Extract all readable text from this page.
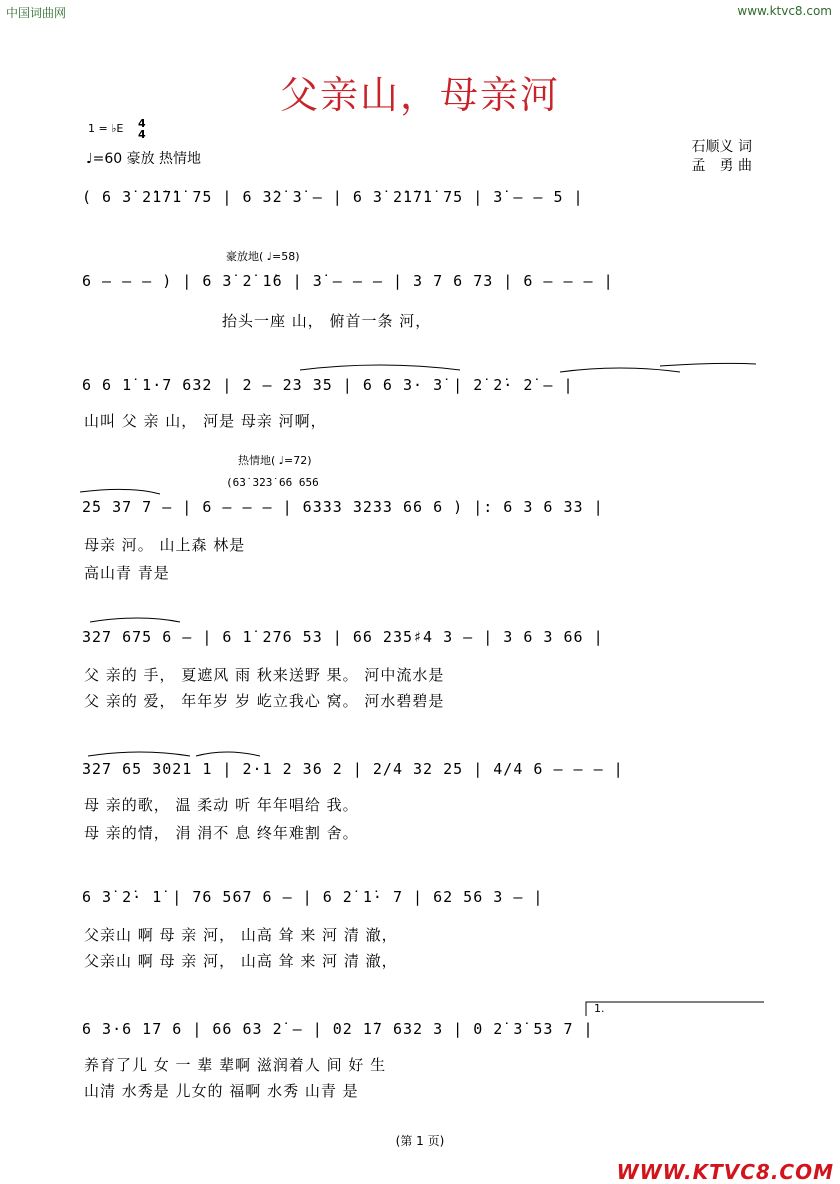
中国词曲网	www.ktvc8.com
父亲山，母亲河
1 = ♭E 4
4
♩=60 豪放 热情地
石顺义 词
孟　勇 曲
豪放地( ♩=58)
热情地( ♩=72)
(6̇3̇ 3̇2̇3̇ 6̇6 656
1.
( 6 3̇ 2̇1̇7̇1̇ 75 | 6 3̇2̇ 3̇ – | 6 3̇ 2̇1̇7̇1̇ 75 | 3̇ – – 5 |
6 – – – ) | 6 3̇ 2̇ 1̇6 | 3̇ – – – | 3 7 6 73 | 6 – – – |
抬头一座 山， 俯首一条 河，
6 6 1̇ 1·7 632 | 2 – 23 35 | 6 6 3· 3̇ | 2̇ 2̇· 2̇ – |
山叫 父 亲 山， 河是 母亲 河啊，
2̇5 37 7 – | 6 – – – | 6333 3233 66 6 ) |: 6 3 6 33 |
母亲 河。 山上森 林是
高山青 青是
327 675 6 – | 6 1̇ 276 53 | 66 235♯4 3 – | 3 6 3 66 |
父 亲的 手， 夏遮风 雨 秋来送野 果。 河中流水是
父 亲的 爱， 年年岁 岁 屹立我心 窝。 河水碧碧是
327 65 3021 1 | 2·1 2 36 2 | 2/4 32 25 | 4/4 6 – – – |
母 亲的歌， 温 柔动 听 年年唱给 我。
母 亲的情， 涓 涓不 息 终年难割 舍。
6 3̇ 2̇· 1̇ | 76 567 6 – | 6 2̇ 1̇· 7 | 62 56 3 – |
父亲山 啊 母 亲 河， 山高 耸 来 河 清 澈，
父亲山 啊 母 亲 河， 山高 耸 来 河 清 澈，
6 3·6 17 6 | 66 63 2̇ – | 02 1̇7 632 3 | 0 2̇ 3̇ 53 7 |
养育了儿 女 一 辈 辈啊 滋润着人 间 好 生
山清 水秀是 儿女的 福啊 水秀 山青 是
(第 1 页)
WWW.KTVC8.COM
